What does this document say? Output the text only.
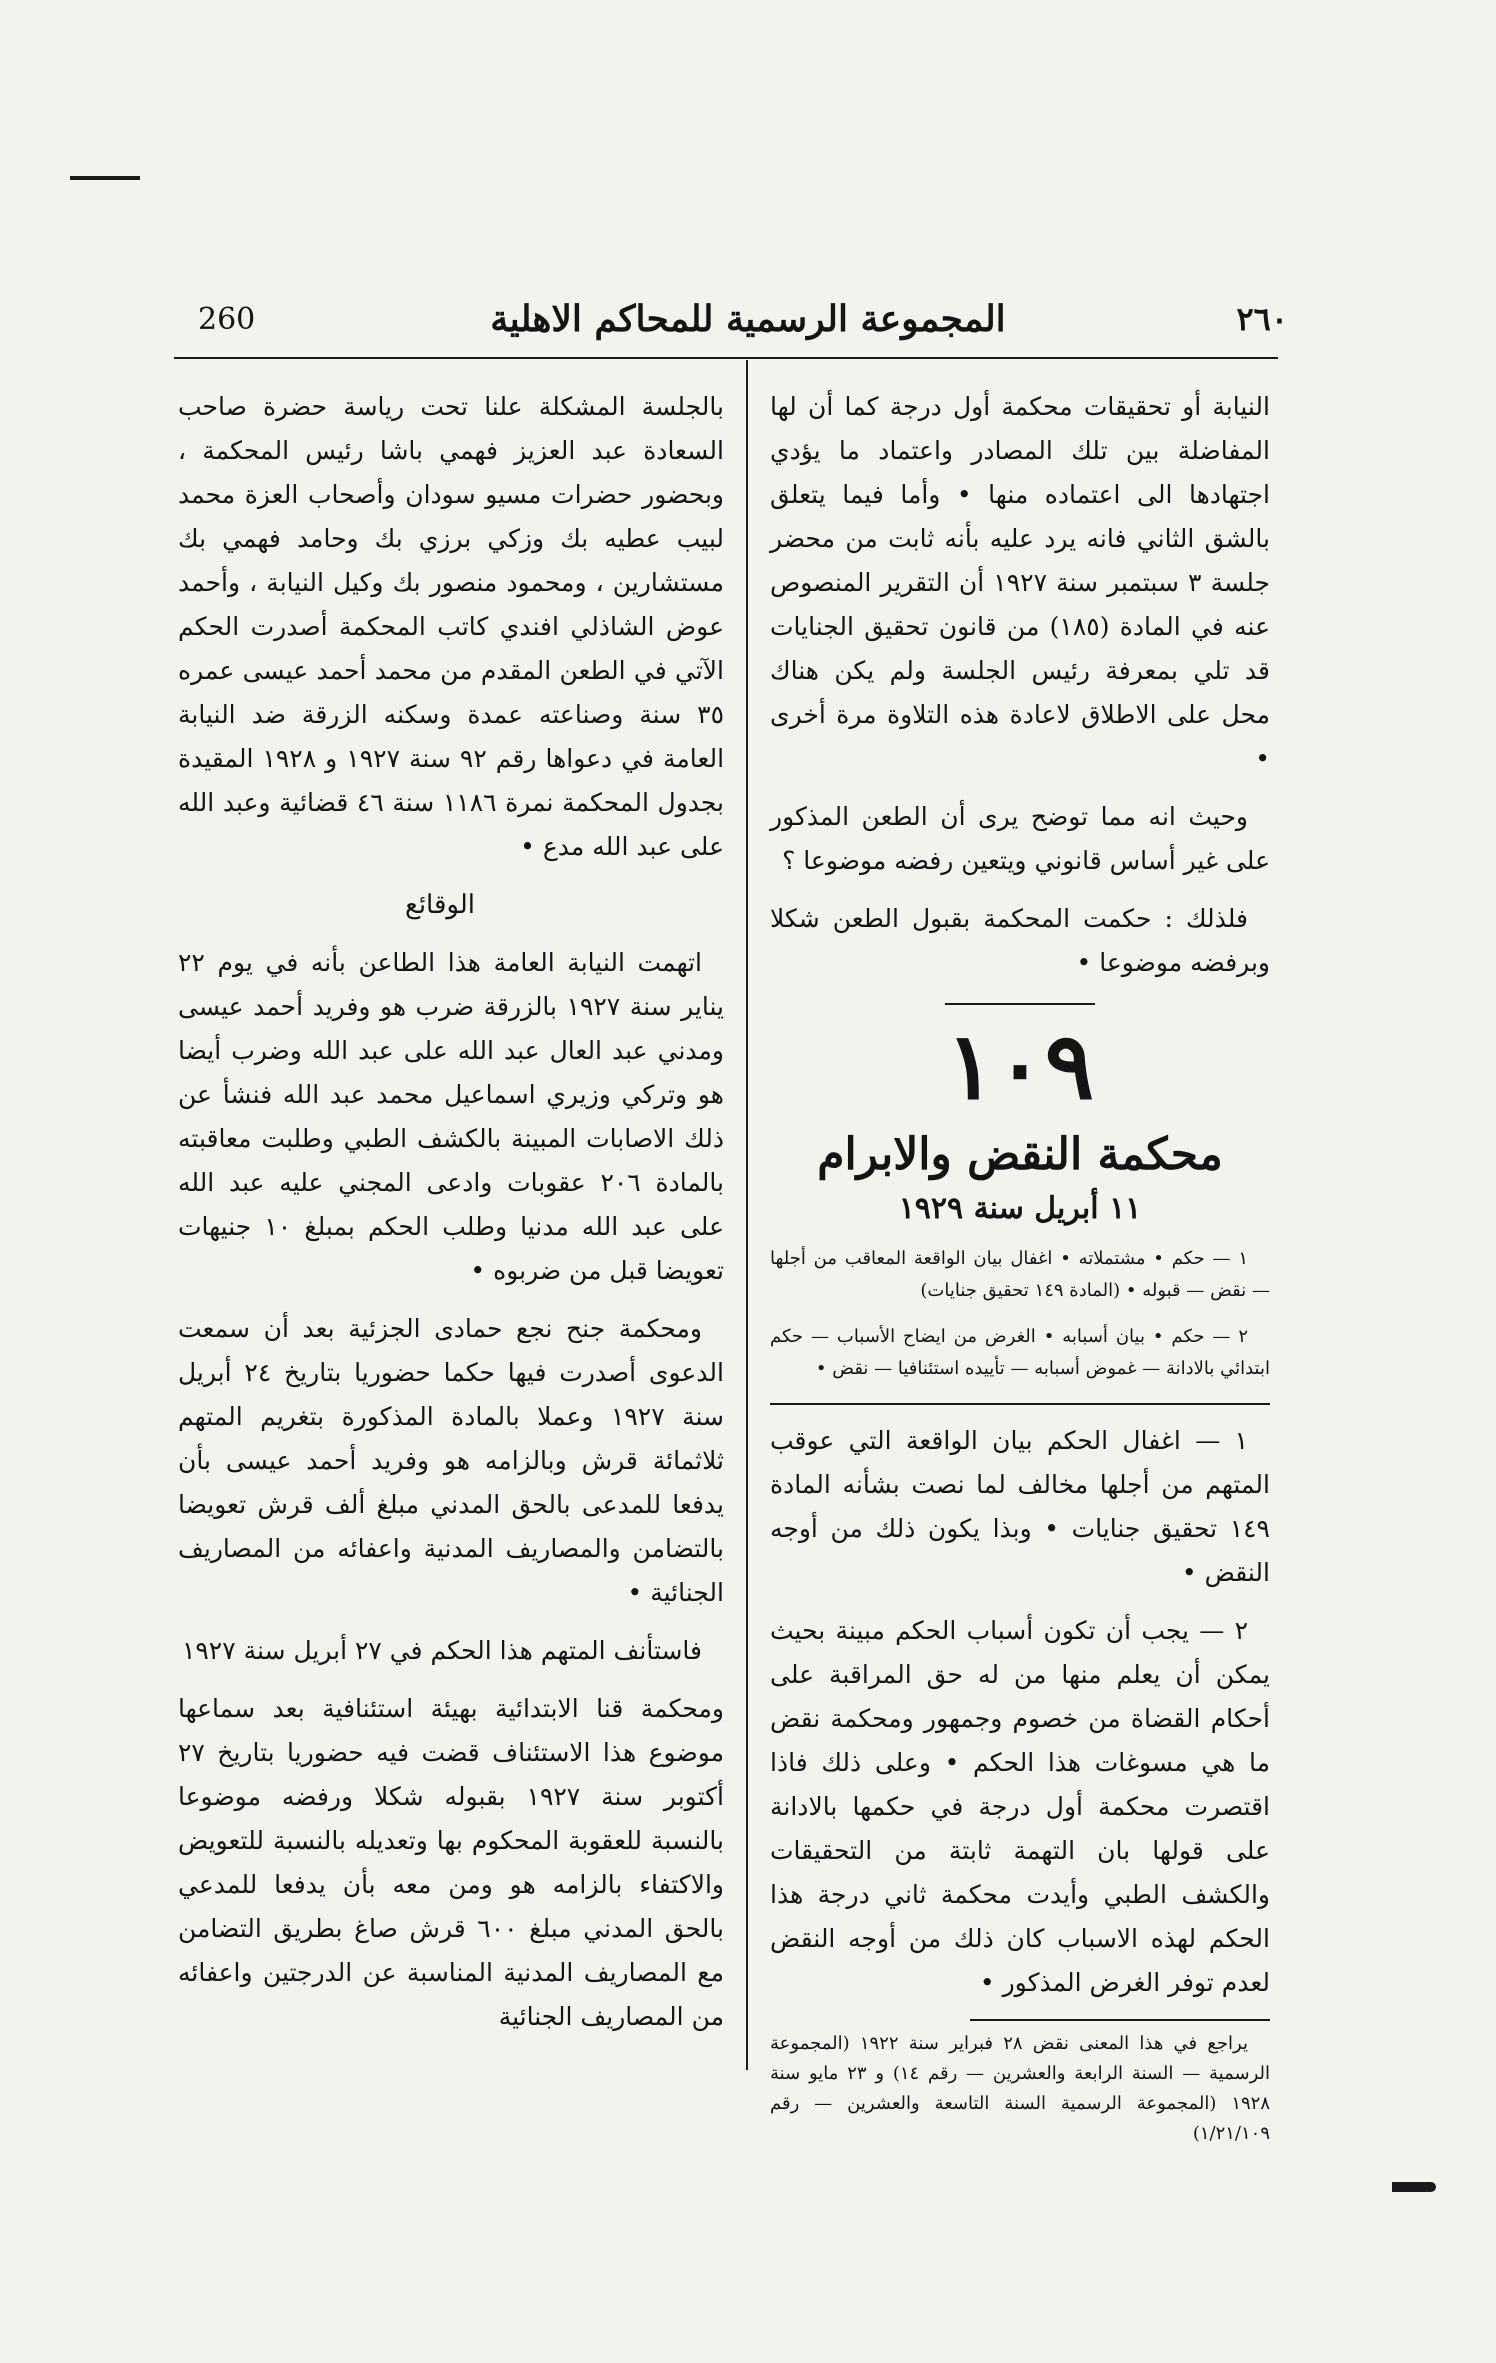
المجموعة الرسمية للمحاكم الاهلية
260	٢٦٠

النيابة أو تحقيقات محكمة أول درجة كما أن لها المفاضلة بين تلك المصادر واعتماد ما يؤدي اجتهادها الى اعتماده منها • وأما فيما يتعلق بالشق الثاني فانه يرد عليه بأنه ثابت من محضر جلسة ٣ سبتمبر سنة ١٩٢٧ أن التقرير المنصوص عنه في المادة (١٨٥) من قانون تحقيق الجنايات قد تلي بمعرفة رئيس الجلسة ولم يكن هناك محل على الاطلاق لاعادة هذه التلاوة مرة أخرى •

وحيث انه مما توضح يرى أن الطعن المذكور على غير أساس قانوني ويتعين رفضه موضوعا ؟

فلذلك : حكمت المحكمة بقبول الطعن شكلا وبرفضه موضوعا •

١٠٩
محكمة النقض والابرام
١١ أبريل سنة ١٩٢٩

١ — حكم • مشتملاته • اغفال بيان الواقعة المعاقب من أجلها — نقض — قبوله • (المادة ١٤٩ تحقيق جنايات)

٢ — حكم • بيان أسبابه • الغرض من ايضاح الأسباب — حكم ابتدائي بالادانة — غموض أسبابه — تأييده استئنافيا — نقض •

١ — اغفال الحكم بيان الواقعة التي عوقب المتهم من أجلها مخالف لما نصت بشأنه المادة ١٤٩ تحقيق جنايات • وبذا يكون ذلك من أوجه النقض •

٢ — يجب أن تكون أسباب الحكم مبينة بحيث يمكن أن يعلم منها من له حق المراقبة على أحكام القضاة من خصوم وجمهور ومحكمة نقض ما هي مسوغات هذا الحكم • وعلى ذلك فاذا اقتصرت محكمة أول درجة في حكمها بالادانة على قولها بان التهمة ثابتة من التحقيقات والكشف الطبي وأيدت محكمة ثاني درجة هذا الحكم لهذه الاسباب كان ذلك من أوجه النقض لعدم توفر الغرض المذكور •

يراجع في هذا المعنى نقض ٢٨ فبراير سنة ١٩٢٢ (المجموعة الرسمية — السنة الرابعة والعشرين — رقم ١٤) و ٢٣ مايو سنة ١٩٢٨ (المجموعة الرسمية السنة التاسعة والعشرين — رقم ١/٢١/١٠٩)

بالجلسة المشكلة علنا تحت رياسة حضرة صاحب السعادة عبد العزيز فهمي باشا رئيس المحكمة ، وبحضور حضرات مسيو سودان وأصحاب العزة محمد لبيب عطيه بك وزكي برزي بك وحامد فهمي بك مستشارين ، ومحمود منصور بك وكيل النيابة ، وأحمد عوض الشاذلي افندي كاتب المحكمة أصدرت الحكم الآتي في الطعن المقدم من محمد أحمد عيسى عمره ٣٥ سنة وصناعته عمدة وسكنه الزرقة ضد النيابة العامة في دعواها رقم ٩٢ سنة ١٩٢٧ و ١٩٢٨ المقيدة بجدول المحكمة نمرة ١١٨٦ سنة ٤٦ قضائية وعبد الله على عبد الله مدع •

الوقائع

اتهمت النيابة العامة هذا الطاعن بأنه في يوم ٢٢ يناير سنة ١٩٢٧ بالزرقة ضرب هو وفريد أحمد عيسى ومدني عبد العال عبد الله على عبد الله وضرب أيضا هو وتركي وزيري اسماعيل محمد عبد الله فنشأ عن ذلك الاصابات المبينة بالكشف الطبي وطلبت معاقبته بالمادة ٢٠٦ عقوبات وادعى المجني عليه عبد الله على عبد الله مدنيا وطلب الحكم بمبلغ ١٠ جنيهات تعويضا قبل من ضربوه •

ومحكمة جنح نجع حمادى الجزئية بعد أن سمعت الدعوى أصدرت فيها حكما حضوريا بتاريخ ٢٤ أبريل سنة ١٩٢٧ وعملا بالمادة المذكورة بتغريم المتهم ثلاثمائة قرش وبالزامه هو وفريد أحمد عيسى بأن يدفعا للمدعى بالحق المدني مبلغ ألف قرش تعويضا بالتضامن والمصاريف المدنية واعفائه من المصاريف الجنائية •

فاستأنف المتهم هذا الحكم في ٢٧ أبريل سنة ١٩٢٧

ومحكمة قنا الابتدائية بهيئة استئنافية بعد سماعها موضوع هذا الاستئناف قضت فيه حضوريا بتاريخ ٢٧ أكتوبر سنة ١٩٢٧ بقبوله شكلا ورفضه موضوعا بالنسبة للعقوبة المحكوم بها وتعديله بالنسبة للتعويض والاكتفاء بالزامه هو ومن معه بأن يدفعا للمدعي بالحق المدني مبلغ ٦٠٠ قرش صاغ بطريق التضامن مع المصاريف المدنية المناسبة عن الدرجتين واعفائه من المصاريف الجنائية
